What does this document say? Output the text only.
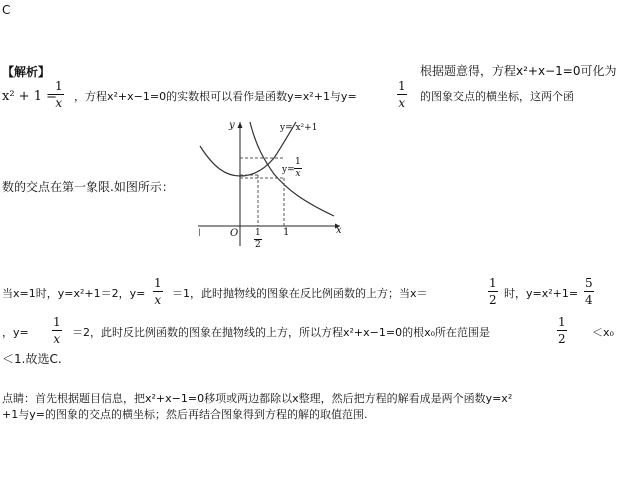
C
【解析】	根据题意得，方程x²+x−1=0可化为
x² + 1 =
1
x ，方程x²+x−1=0的实数根可以看作是函数y=x²+1与y=
1
x 的图象交点的横坐标，这两个函
y
x
O
l	1
2
1
y= x²+1
y=
1
x
数的交点在第一象限.如图所示：
当x=1时，y=x²+1＝2，y=
1
x ＝1，此时抛物线的图象在反比例函数的上方；当x＝
1
2 时，y=x²+1=
5
4
，y=
1
x ＝2，此时反比例函数的图象在抛物线的上方，所以方程x²+x−1=0的根x₀所在范围是
1
2 ＜x₀
＜1.故选C.
点睛：首先根据题目信息，把x²+x−1=0移项或两边都除以x整理，然后把方程的解看成是两个函数y=x²
+1与y=的图象的交点的横坐标；然后再结合图象得到方程的解的取值范围.
